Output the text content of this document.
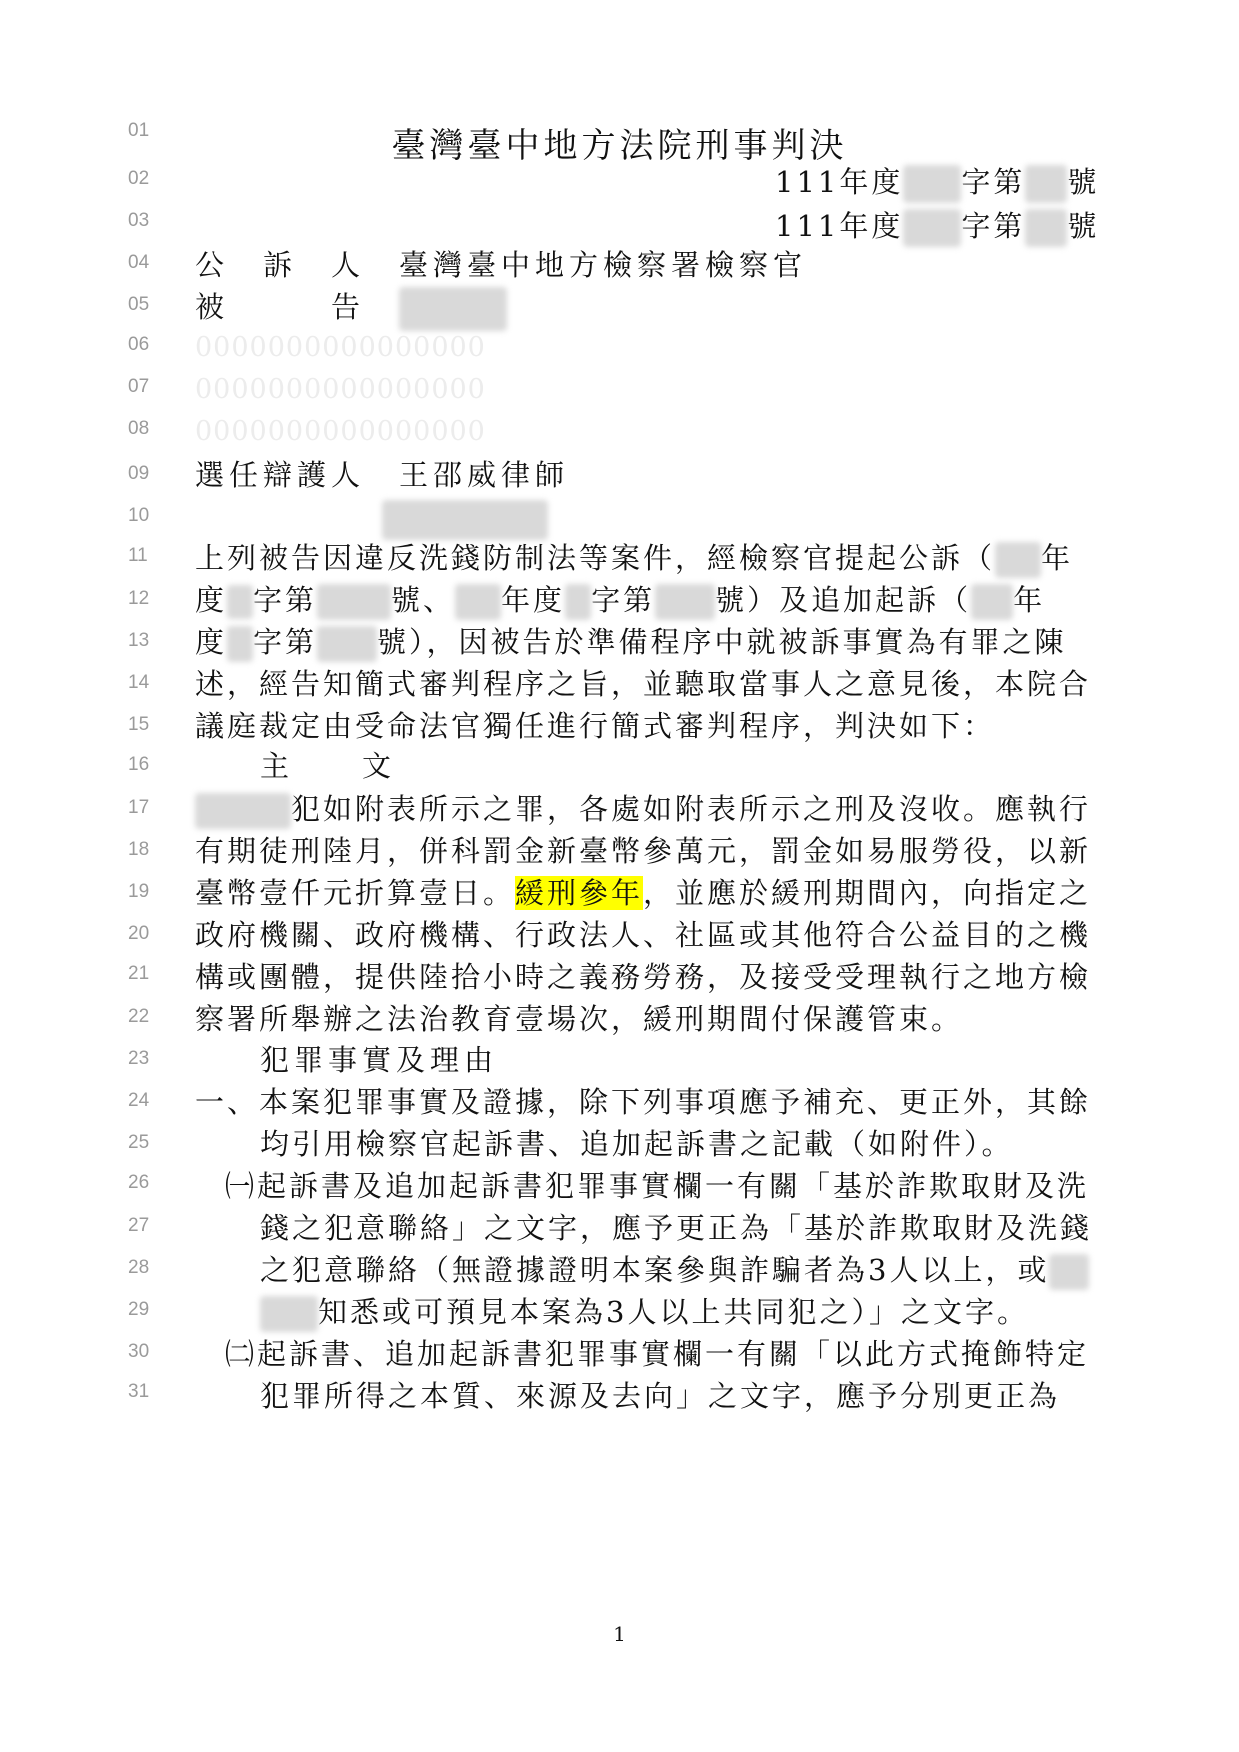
01
02
03
04
05
06
07
08
09
10
11
12
13
14
15
16
17
18
19
20
21
22
23
24
25
26
27
28
29
30
31
臺灣臺中地方法院刑事判決
111年度 字第 號
111年度 字第 號
公　訴　人　 臺灣臺中地方檢察署檢察官
被　　　告　
0000000000000000
0000000000000000
0000000000000000
選任辯護人　 王邵威律師
上列被告因違反洗錢防制法等案件，經檢察官提起公訴（ 年
度 字第	號、 年度 字第 號）及追加起訴（ 年
度 字第 號），因被告於準備程序中就被訴事實為有罪之陳
述，經告知簡式審判程序之旨，並聽取當事人之意見後，本院合
議庭裁定由受命法官獨任進行簡式審判程序，判決如下：
主　　文
犯如附表所示之罪，各處如附表所示之刑及沒收。應執行
有期徒刑陸月，併科罰金新臺幣參萬元，罰金如易服勞役，以新
臺幣壹仟元折算壹日。緩刑參年，並應於緩刑期間內，向指定之
政府機關、政府機構、行政法人、社區或其他符合公益目的之機
構或團體，提供陸拾小時之義務勞務，及接受受理執行之地方檢
察署所舉辦之法治教育壹場次，緩刑期間付保護管束。
犯罪事實及理由
一、本案犯罪事實及證據，除下列事項應予補充、更正外，其餘
均引用檢察官起訴書、追加起訴書之記載（如附件）。
㈠起訴書及追加起訴書犯罪事實欄一有關「基於詐欺取財及洗
錢之犯意聯絡」之文字，應予更正為「基於詐欺取財及洗錢
之犯意聯絡（無證據證明本案參與詐騙者為3人以上，或
知悉或可預見本案為3人以上共同犯之）」之文字。
㈡起訴書、追加起訴書犯罪事實欄一有關「以此方式掩飾特定
犯罪所得之本質、來源及去向」之文字，應予分別更正為
1
